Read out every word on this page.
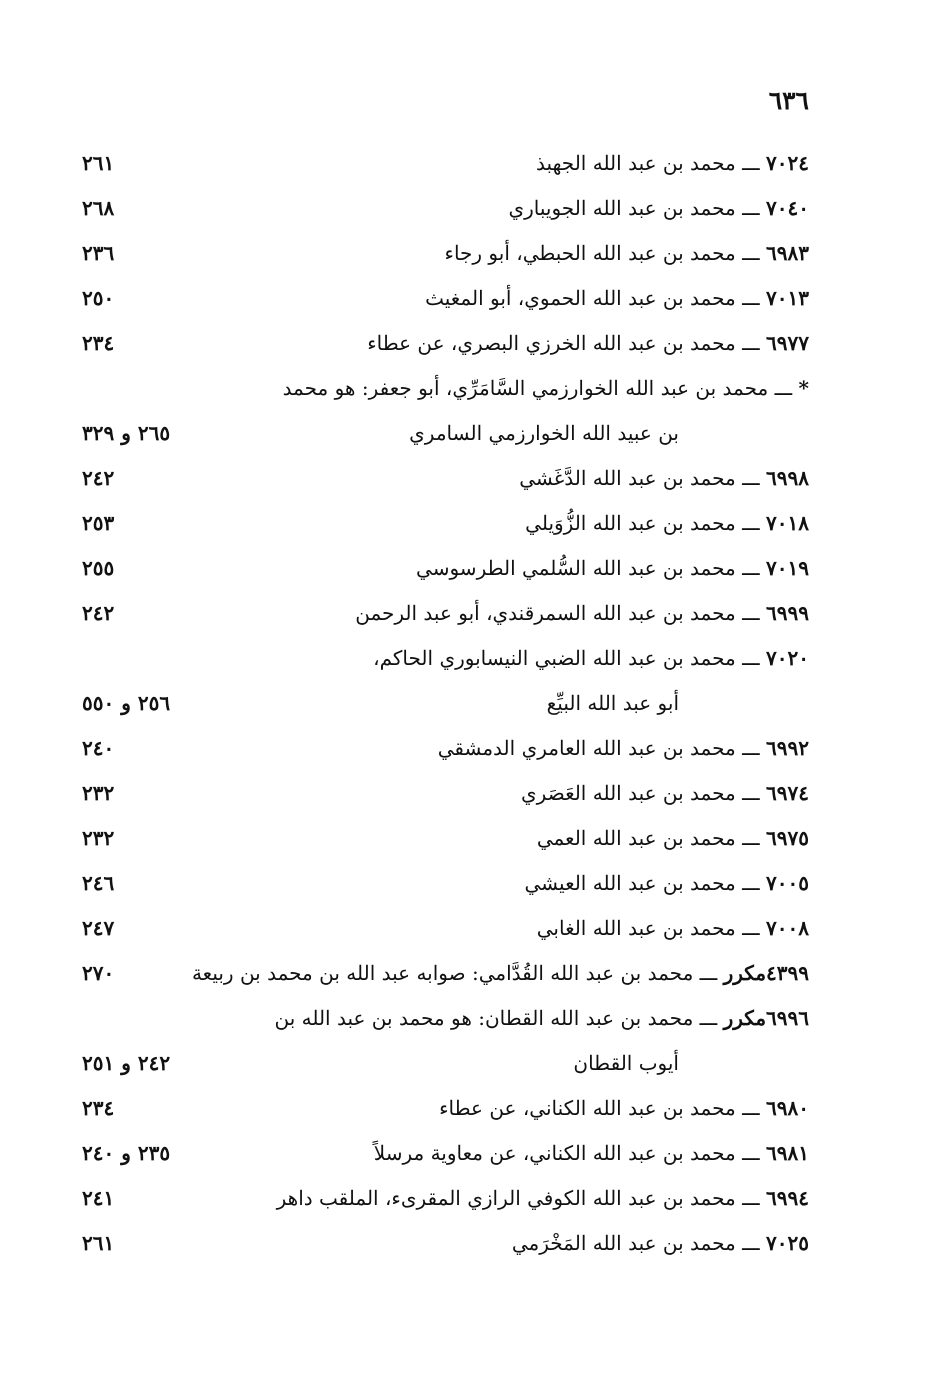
٦٣٦
٧٠٢٤ ـــ محمد بن عبد الله الجهبذ
٢٦١
٧٠٤٠ ـــ محمد بن عبد الله الجويباري
٢٦٨
٦٩٨٣ ـــ محمد بن عبد الله الحبطي، أبو رجاء
٢٣٦
٧٠١٣ ـــ محمد بن عبد الله الحموي، أبو المغيث
٢٥٠
٦٩٧٧ ـــ محمد بن عبد الله الخرزي البصري، عن عطاء
٢٣٤
* ـــ محمد بن عبد الله الخوارزمي السَّامَرِّي، أبو جعفر: هو محمد
بن عبيد الله الخوارزمي السامري
٢٦٥ و ٣٢٩
٦٩٩٨ ـــ محمد بن عبد الله الدَّغَشي
٢٤٢
٧٠١٨ ـــ محمد بن عبد الله الزُّوَيلي
٢٥٣
٧٠١٩ ـــ محمد بن عبد الله السُّلمي الطرسوسي
٢٥٥
٦٩٩٩ ـــ محمد بن عبد الله السمرقندي، أبو عبد الرحمن
٢٤٢
٧٠٢٠ ـــ محمد بن عبد الله الضبي النيسابوري الحاكم،
أبو عبد الله البيِّع
٢٥٦ و ٥٥٠
٦٩٩٢ ـــ محمد بن عبد الله العامري الدمشقي
٢٤٠
٦٩٧٤ ـــ محمد بن عبد الله العَصَري
٢٣٢
٦٩٧٥ ـــ محمد بن عبد الله العمي
٢٣٢
٧٠٠٥ ـــ محمد بن عبد الله العيشي
٢٤٦
٧٠٠٨ ـــ محمد بن عبد الله الغابي
٢٤٧
٤٣٩٩مكرر ـــ محمد بن عبد الله القُدَّامي: صوابه عبد الله بن محمد بن ربيعة
٢٧٠
٦٩٩٦مكرر ـــ محمد بن عبد الله القطان: هو محمد بن عبد الله بن
أيوب القطان
٢٤٢ و ٢٥١
٦٩٨٠ ـــ محمد بن عبد الله الكناني، عن عطاء
٢٣٤
٦٩٨١ ـــ محمد بن عبد الله الكناني، عن معاوية مرسلاً
٢٣٥ و ٢٤٠
٦٩٩٤ ـــ محمد بن عبد الله الكوفي الرازي المقرىء، الملقب داهر
٢٤١
٧٠٢٥ ـــ محمد بن عبد الله المَخْرَمي
٢٦١
